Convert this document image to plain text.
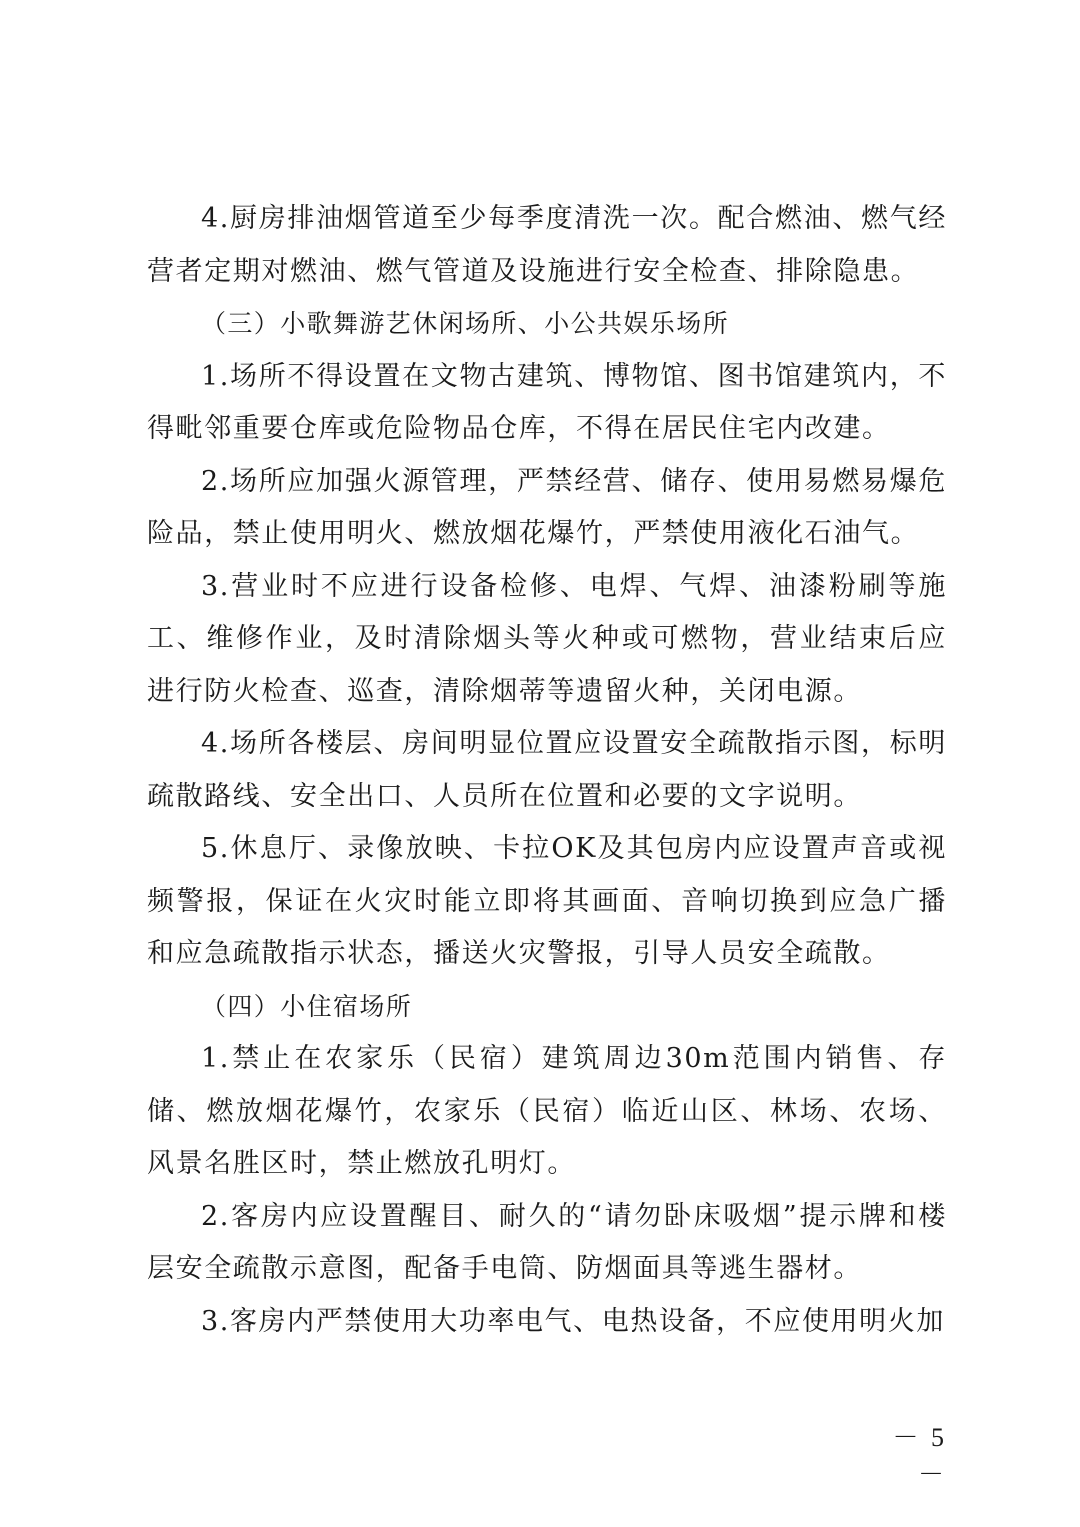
4.厨房排油烟管道至少每季度清洗一次。配合燃油、燃气经营者定期对燃油、燃气管道及设施进行安全检查、排除隐患。

（三）小歌舞游艺休闲场所、小公共娱乐场所

1.场所不得设置在文物古建筑、博物馆、图书馆建筑内，不得毗邻重要仓库或危险物品仓库，不得在居民住宅内改建。

2.场所应加强火源管理，严禁经营、储存、使用易燃易爆危险品，禁止使用明火、燃放烟花爆竹，严禁使用液化石油气。

3.营业时不应进行设备检修、电焊、气焊、油漆粉刷等施工、维修作业，及时清除烟头等火种或可燃物，营业结束后应进行防火检查、巡查，清除烟蒂等遗留火种，关闭电源。

4.场所各楼层、房间明显位置应设置安全疏散指示图，标明疏散路线、安全出口、人员所在位置和必要的文字说明。

5.休息厅、录像放映、卡拉OK及其包房内应设置声音或视频警报，保证在火灾时能立即将其画面、音响切换到应急广播和应急疏散指示状态，播送火灾警报，引导人员安全疏散。

（四）小住宿场所

1.禁止在农家乐（民宿）建筑周边30m范围内销售、存储、燃放烟花爆竹，农家乐（民宿）临近山区、林场、农场、风景名胜区时，禁止燃放孔明灯。

2.客房内应设置醒目、耐久的“请勿卧床吸烟”提示牌和楼层安全疏散示意图，配备手电筒、防烟面具等逃生器材。

3.客房内严禁使用大功率电气、电热设备，不应使用明火加

－ 5 －
